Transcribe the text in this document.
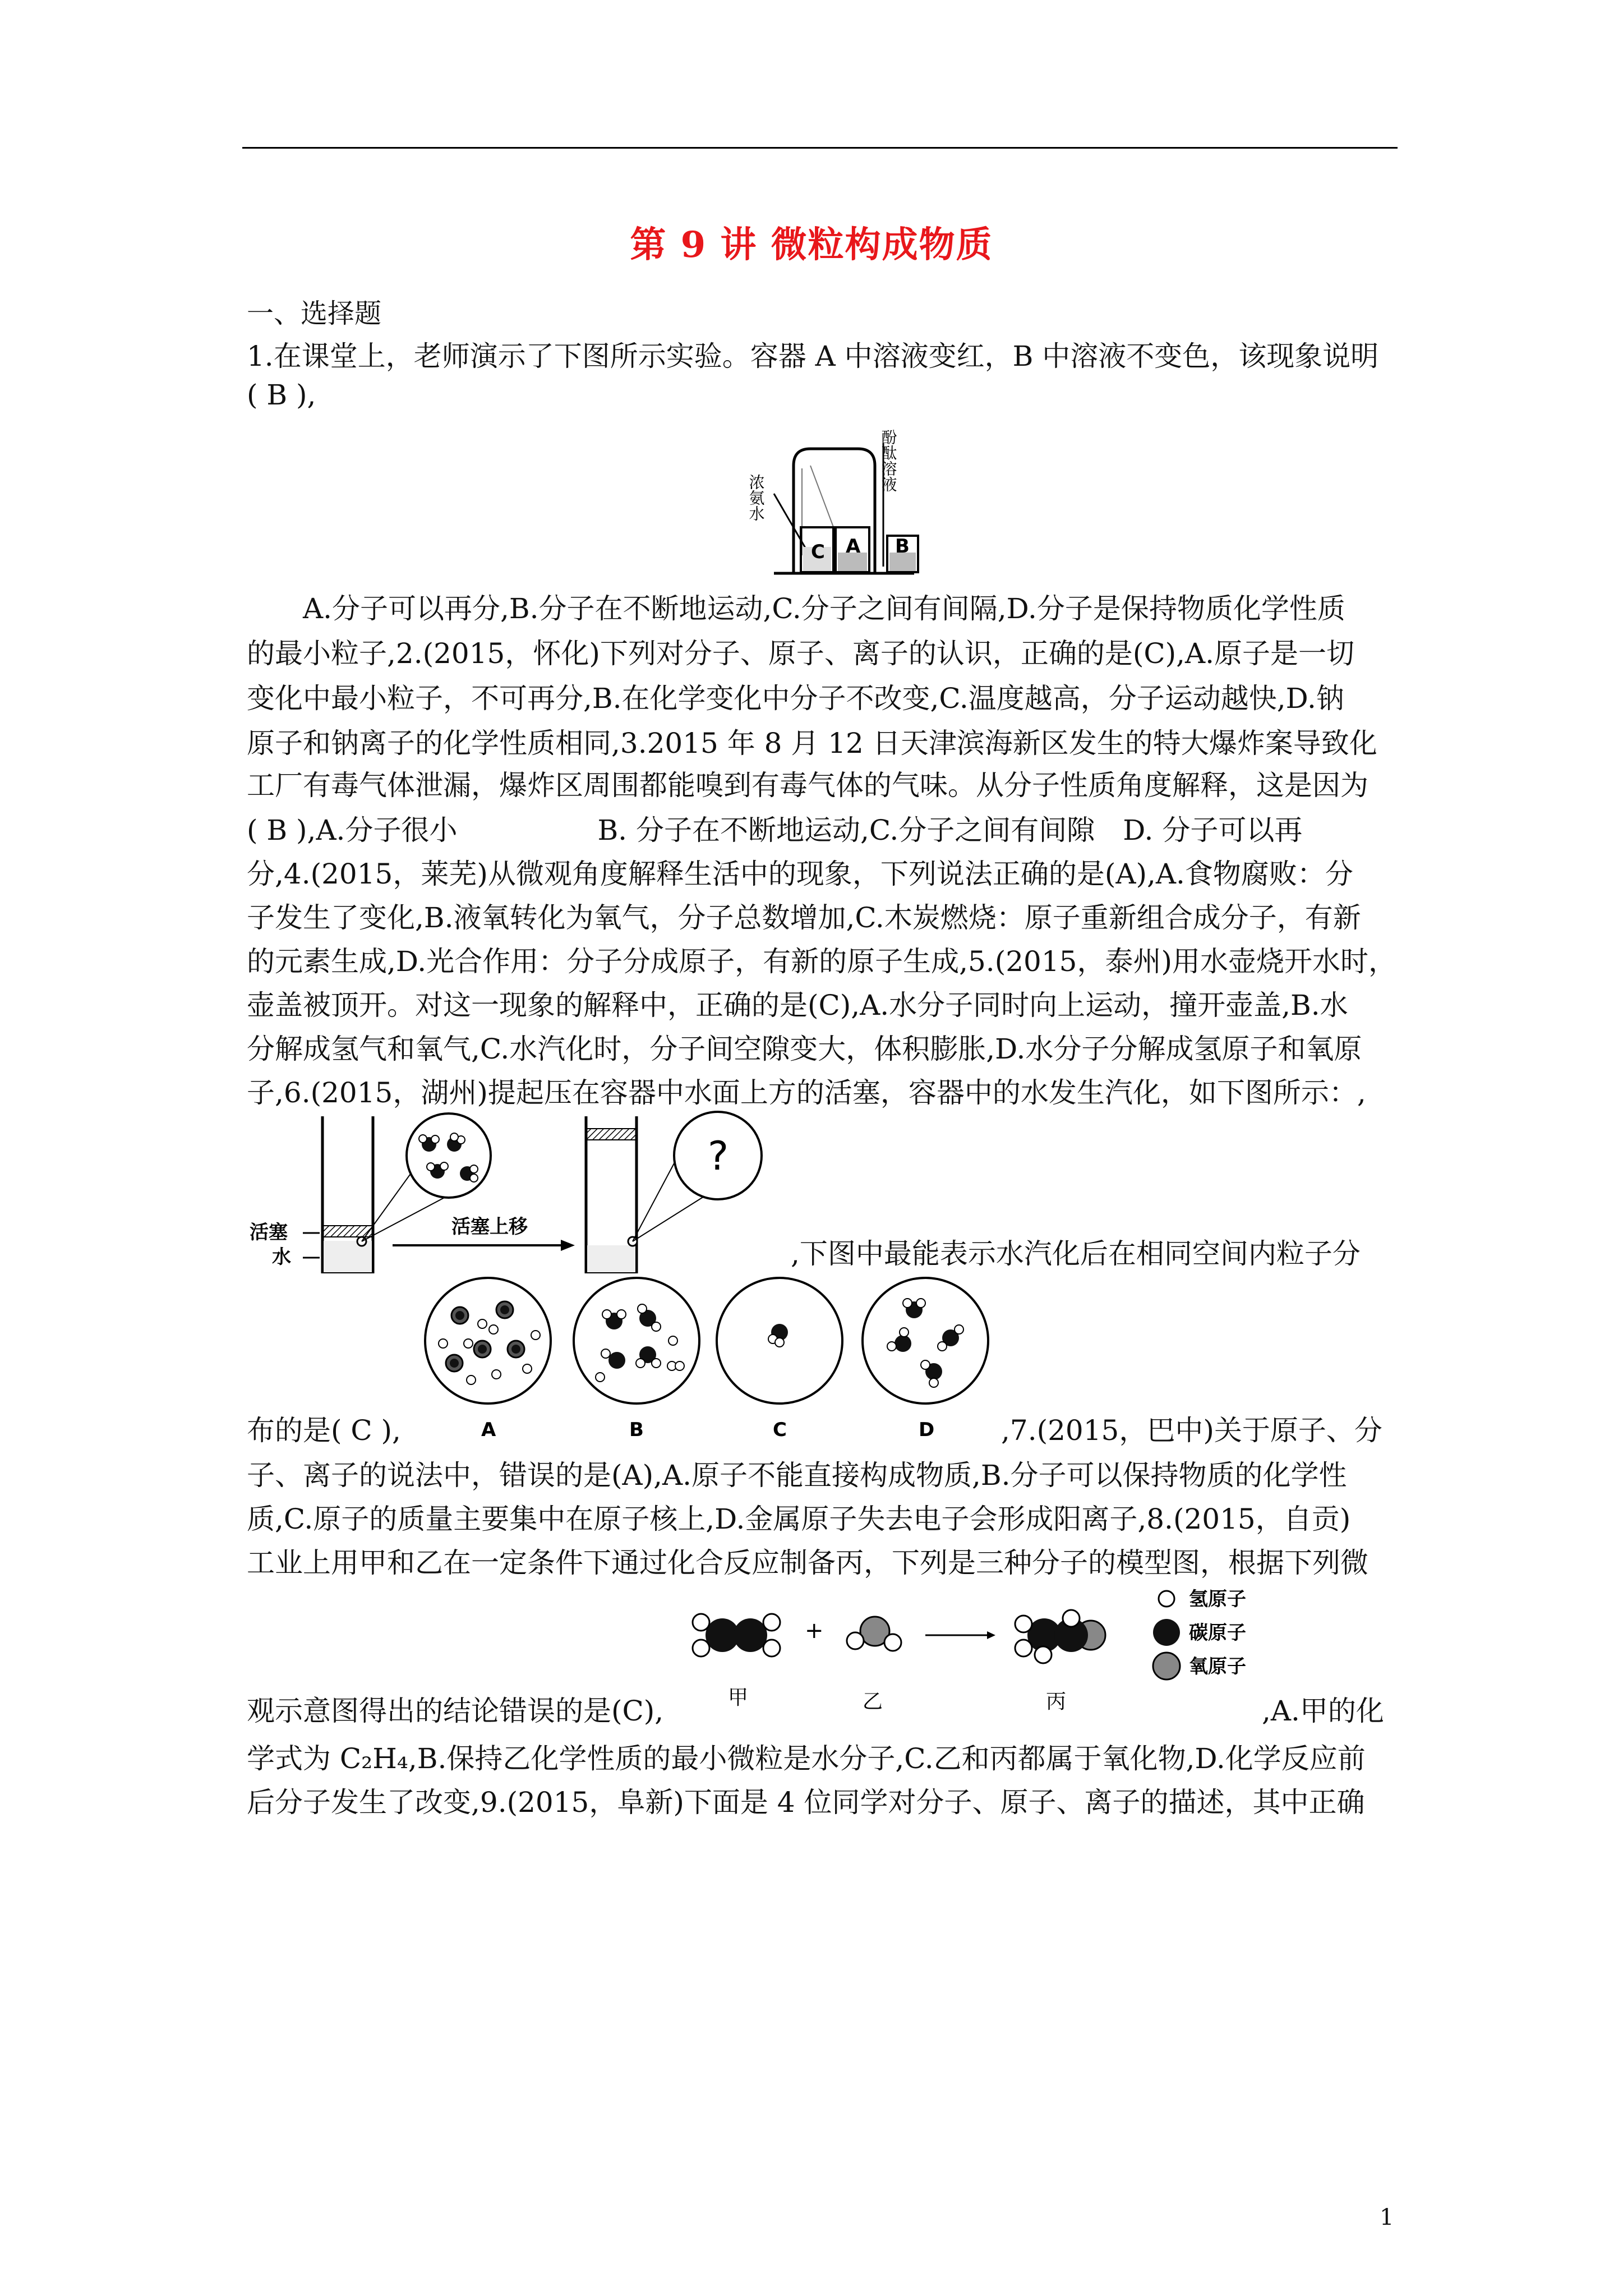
第 9 讲 微粒构成物质
一、选择题
1.在课堂上，老师演示了下图所示实验。容器 A 中溶液变红，B 中溶液不变色，该现象说明
( B ),
浓氨水
酚酞溶液
C A B
A.分子可以再分,B.分子在不断地运动,C.分子之间有间隔,D.分子是保持物质化学性质
的最小粒子,2.(2015，怀化)下列对分子、原子、离子的认识，正确的是(C),A.原子是一切
变化中最小粒子，不可再分,B.在化学变化中分子不改变,C.温度越高，分子运动越快,D.钠
原子和钠离子的化学性质相同,3.2015 年 8 月 12 日天津滨海新区发生的特大爆炸案导致化
工厂有毒气体泄漏，爆炸区周围都能嗅到有毒气体的气味。从分子性质角度解释，这是因为
( B ),A.分子很小　　　　　B. 分子在不断地运动,C.分子之间有间隙　D. 分子可以再
分,4.(2015，莱芜)从微观角度解释生活中的现象，下列说法正确的是(A),A.食物腐败：分
子发生了变化,B.液氧转化为氧气，分子总数增加,C.木炭燃烧：原子重新组合成分子，有新
的元素生成,D.光合作用：分子分成原子，有新的原子生成,5.(2015，泰州)用水壶烧开水时，
壶盖被顶开。对这一现象的解释中，正确的是(C),A.水分子同时向上运动，撞开壶盖,B.水
分解成氢气和氧气,C.水汽化时，分子间空隙变大，体积膨胀,D.水分子分解成氢原子和氧原
子,6.(2015，湖州)提起压在容器中水面上方的活塞，容器中的水发生汽化，如下图所示：,
活塞
水
活塞上移
?
,下图中最能表示水汽化后在相同空间内粒子分
A	B	C	D
布的是( C ),	,7.(2015，巴中)关于原子、分
子、离子的说法中，错误的是(A),A.原子不能直接构成物质,B.分子可以保持物质的化学性
质,C.原子的质量主要集中在原子核上,D.金属原子失去电子会形成阳离子,8.(2015，自贡)
工业上用甲和乙在一定条件下通过化合反应制备丙，下列是三种分子的模型图，根据下列微
+
甲	乙	丙
氢原子
碳原子
氧原子
观示意图得出的结论错误的是(C),	,A.甲的化
学式为 C₂H₄,B.保持乙化学性质的最小微粒是水分子,C.乙和丙都属于氧化物,D.化学反应前
后分子发生了改变,9.(2015，阜新)下面是 4 位同学对分子、原子、离子的描述，其中正确
1
